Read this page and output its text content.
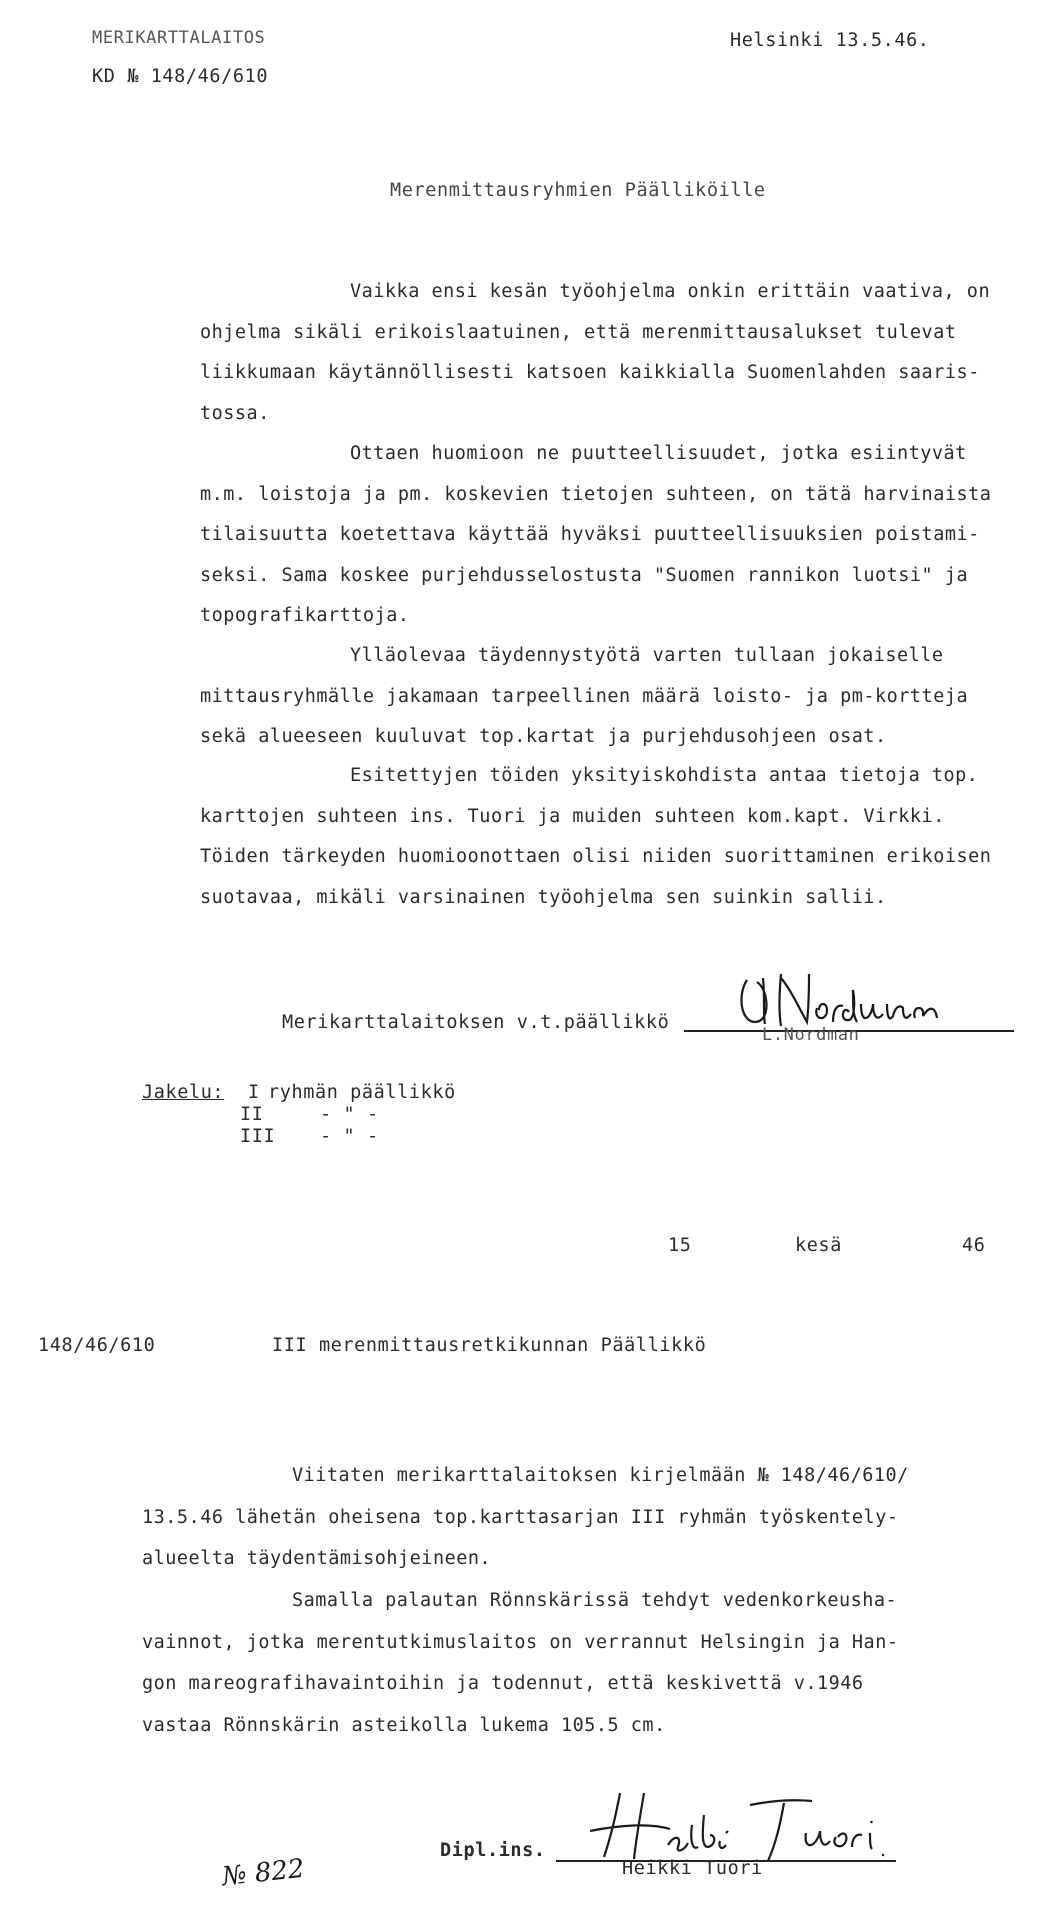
MERIKARTTALAITOS
KD № 148/46/610
Helsinki 13.5.46.
Merenmittausryhmien Päälliköille
Vaikka ensi kesän työohjelma onkin erittäin vaativa, on
ohjelma sikäli erikoislaatuinen, että merenmittausalukset tulevat
liikkumaan käytännöllisesti katsoen kaikkialla Suomenlahden saaris-
tossa.
Ottaen huomioon ne puutteellisuudet, jotka esiintyvät
m.m. loistoja ja pm. koskevien tietojen suhteen, on tätä harvinaista
tilaisuutta koetettava käyttää hyväksi puutteellisuuksien poistami-
seksi. Sama koskee purjehdusselostusta "Suomen rannikon luotsi" ja
topografikarttoja.
Ylläolevaa täydennystyötä varten tullaan jokaiselle
mittausryhmälle jakamaan tarpeellinen määrä loisto- ja pm-kortteja
sekä alueeseen kuuluvat top.kartat ja purjehdusohjeen osat.
Esitettyjen töiden yksityiskohdista antaa tietoja top.
karttojen suhteen ins. Tuori ja muiden suhteen kom.kapt. Virkki.
Töiden tärkeyden huomioonottaen olisi niiden suorittaminen erikoisen
suotavaa, mikäli varsinainen työohjelma sen suinkin sallii.
Merikarttalaitoksen v.t.päällikkö
L.Nordman
Jakelu: I ryhmän päällikkö
II	- " -
III - " -
15	kesä	46
148/46/610	III merenmittausretkikunnan Päällikkö
Viitaten merikarttalaitoksen kirjelmään № 148/46/610/
13.5.46 lähetän oheisena top.karttasarjan III ryhmän työskentely-
alueelta täydentämisohjeineen.
Samalla palautan Rönnskärissä tehdyt vedenkorkeusha-
vainnot, jotka merentutkimuslaitos on verrannut Helsingin ja Han-
gon mareografihavaintoihin ja todennut, että keskivettä v.1946
vastaa Rönnskärin asteikolla lukema 105.5 cm.
Dipl.ins.
Heikki Tuori
№ 822
